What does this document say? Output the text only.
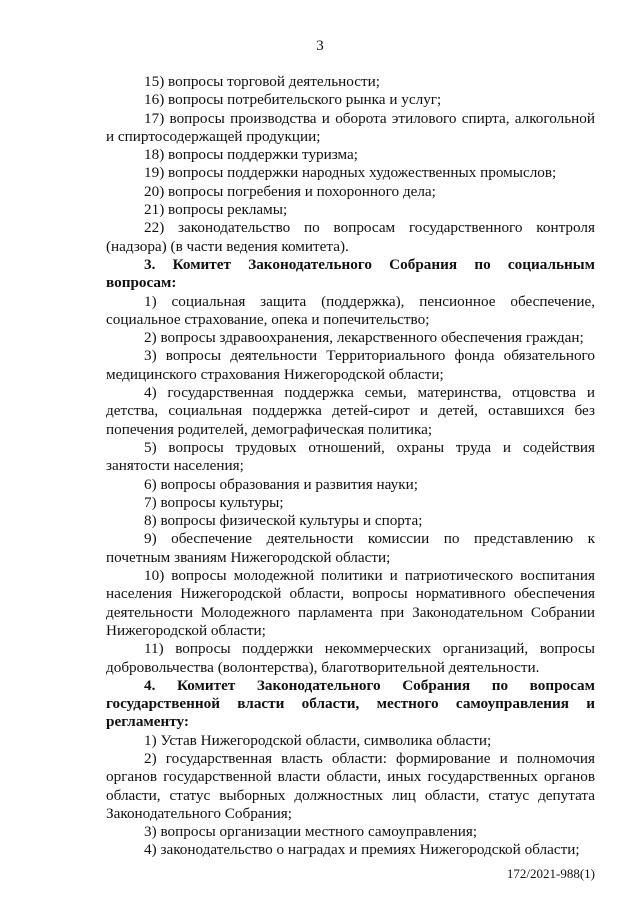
3

15) вопросы торговой деятельности;

16) вопросы потребительского рынка и услуг;

17) вопросы производства и оборота этилового спирта, алкогольной и спиртосодержащей продукции;

18) вопросы поддержки туризма;

19) вопросы поддержки народных художественных промыслов;

20) вопросы погребения и похоронного дела;

21) вопросы рекламы;

22) законодательство по вопросам государственного контроля (надзора) (в части ведения комитета).

3. Комитет Законодательного Собрания по социальным вопросам:

1) социальная защита (поддержка), пенсионное обеспечение, социальное страхование, опека и попечительство;

2) вопросы здравоохранения, лекарственного обеспечения граждан;

3) вопросы деятельности Территориального фонда обязательного медицинского страхования Нижегородской области;

4) государственная поддержка семьи, материнства, отцовства и детства, социальная поддержка детей-сирот и детей, оставшихся без попечения родителей, демографическая политика;

5) вопросы трудовых отношений, охраны труда и содействия занятости населения;

6) вопросы образования и развития науки;

7) вопросы культуры;

8) вопросы физической культуры и спорта;

9) обеспечение деятельности комиссии по представлению к почетным званиям Нижегородской области;

10) вопросы молодежной политики и патриотического воспитания населения Нижегородской области, вопросы нормативного обеспечения деятельности Молодежного парламента при Законодательном Собрании Нижегородской области;

11) вопросы поддержки некоммерческих организаций, вопросы добровольчества (волонтерства), благотворительной деятельности.

4. Комитет Законодательного Собрания по вопросам государственной власти области, местного самоуправления и регламенту:

1) Устав Нижегородской области, символика области;

2) государственная власть области: формирование и полномочия органов государственной власти области, иных государственных органов области, статус выборных должностных лиц области, статус депутата Законодательного Собрания;

3) вопросы организации местного самоуправления;

4) законодательство о наградах и премиях Нижегородской области;

172/2021-988(1)
